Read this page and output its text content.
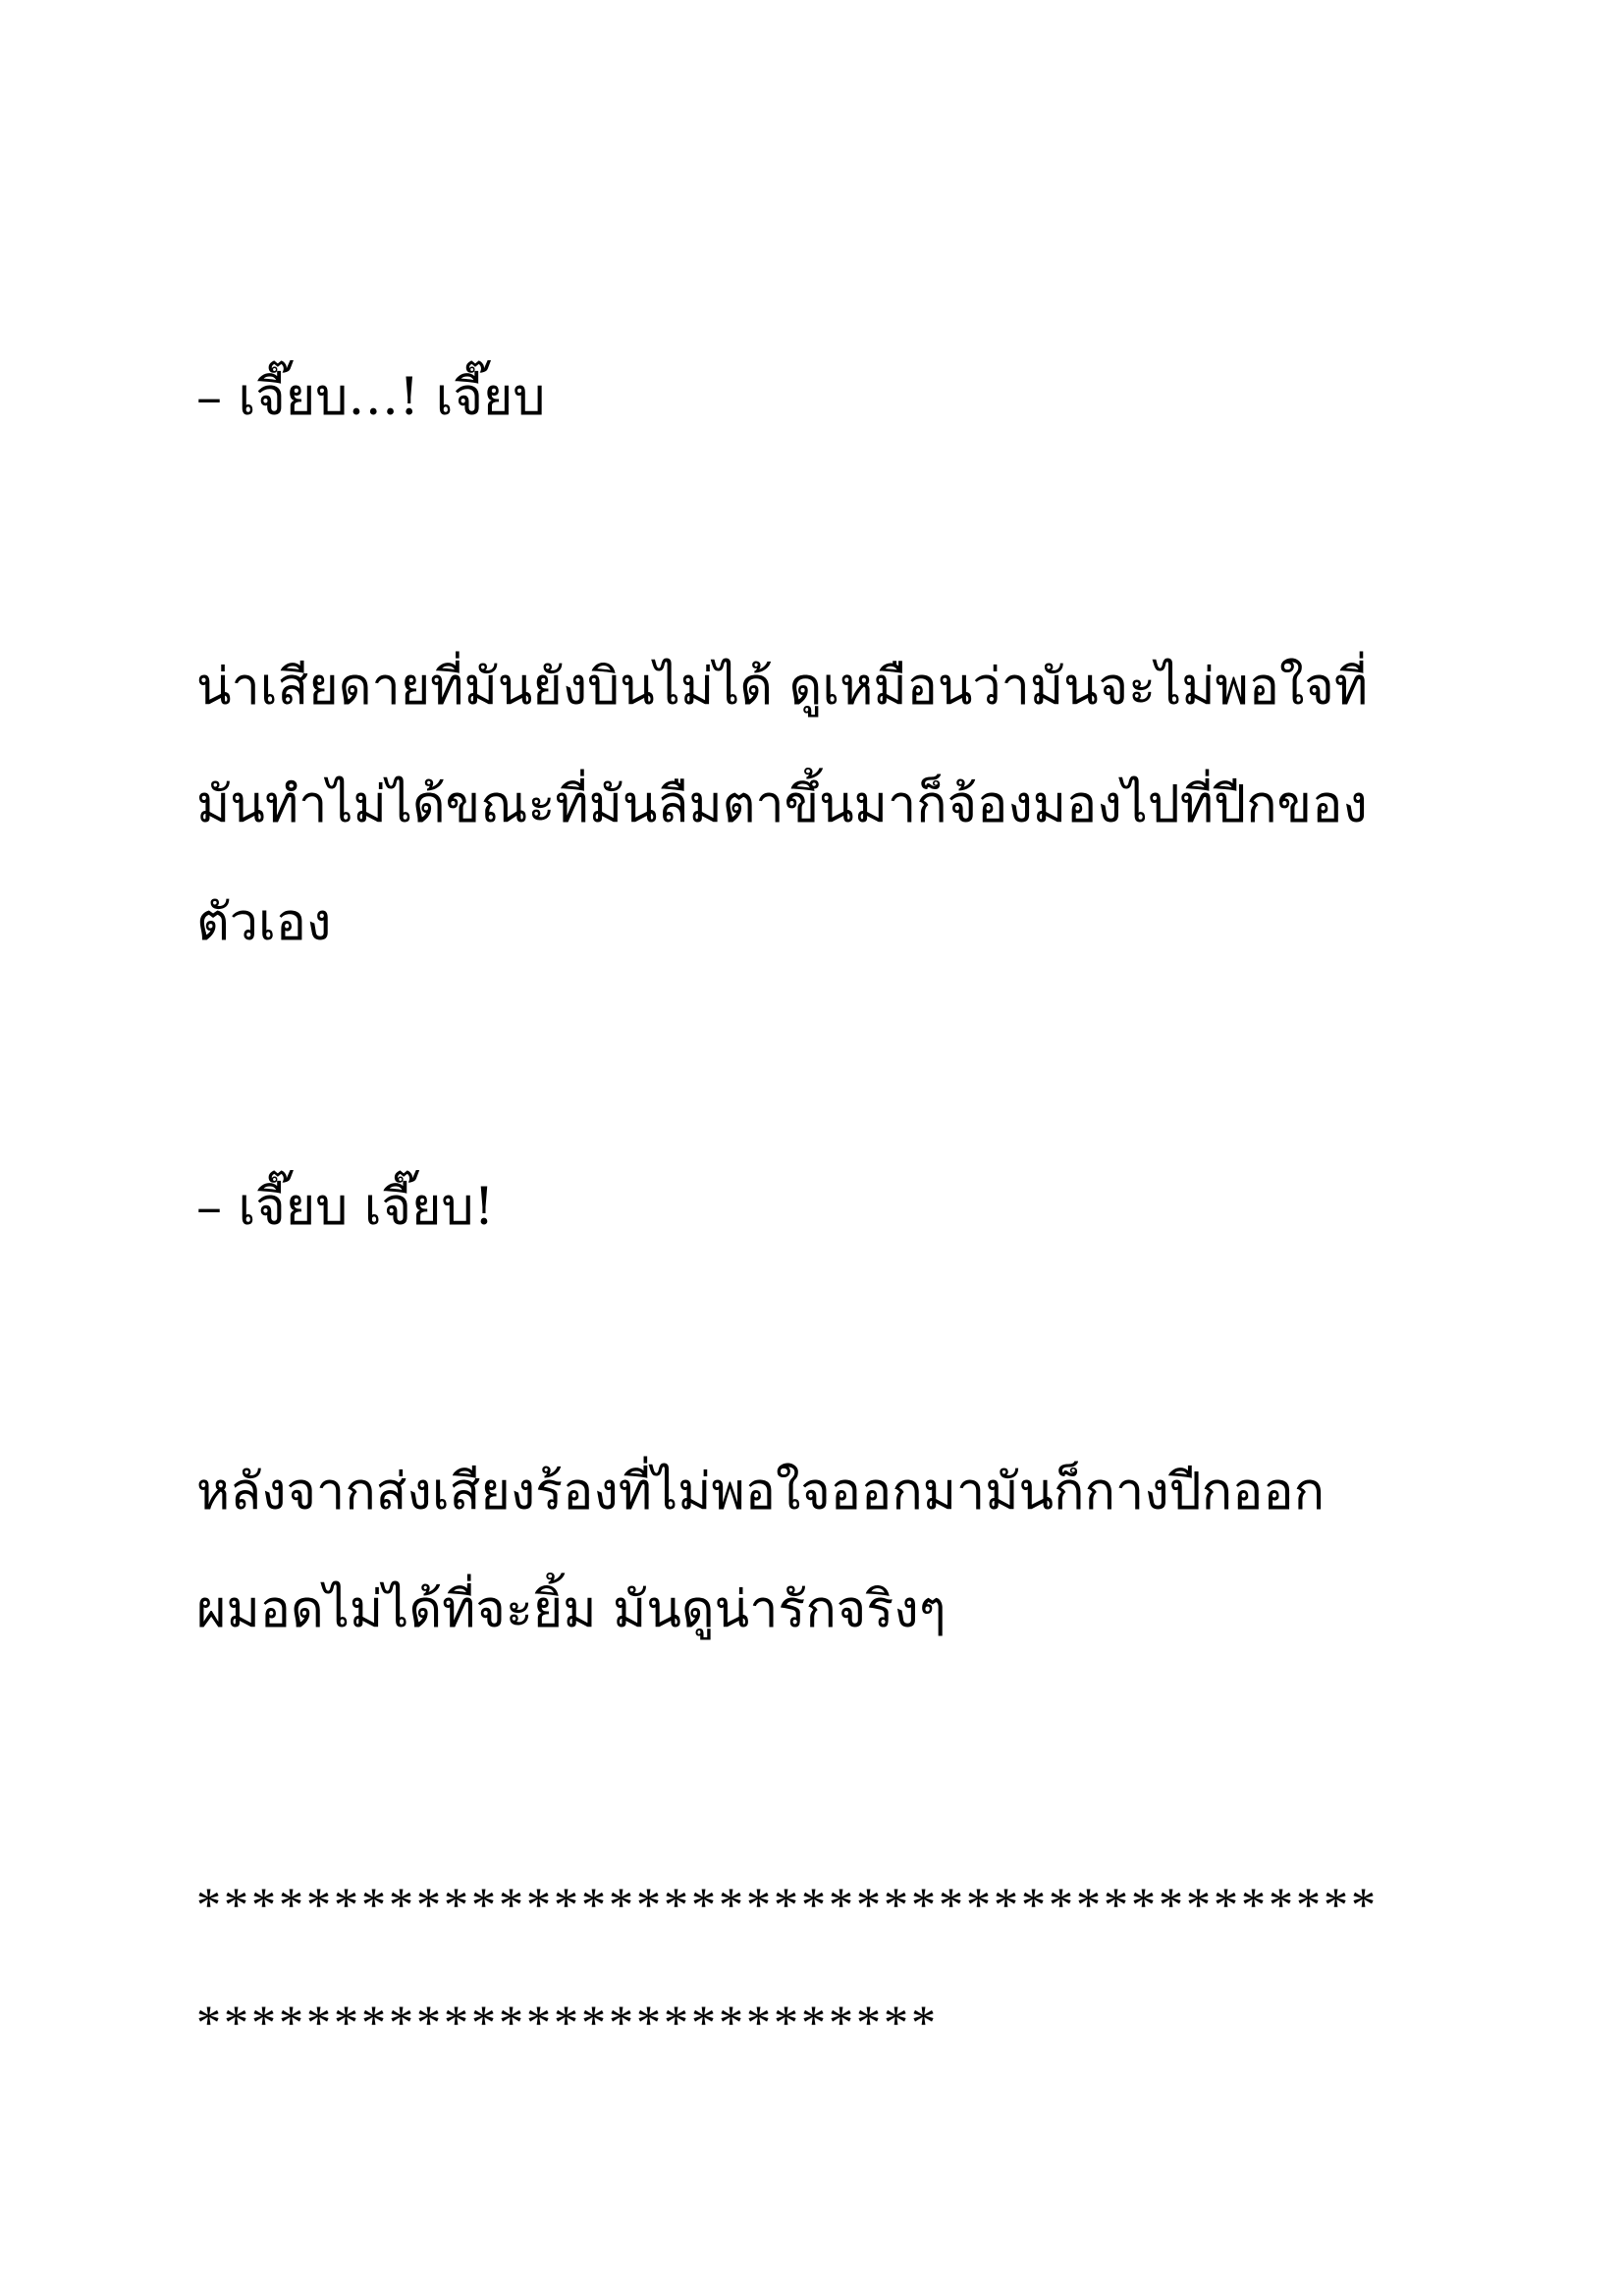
– เจี๊ยบ…! เจี๊ยบ

น่าเสียดายที่มันยังบินไม่ได้ ดูเหมือนว่ามันจะไม่พอใจที่

มันทำไม่ได้ขณะที่มันลืมตาขึ้นมาก็จ้องมองไปที่ปีกของ

ตัวเอง

– เจี๊ยบ เจี๊ยบ!

หลังจากส่งเสียงร้องที่ไม่พอใจออกมามันก็กางปีกออก

ผมอดไม่ได้ที่จะยิ้ม มันดูน่ารักจริงๆ

*******************************************

***************************
